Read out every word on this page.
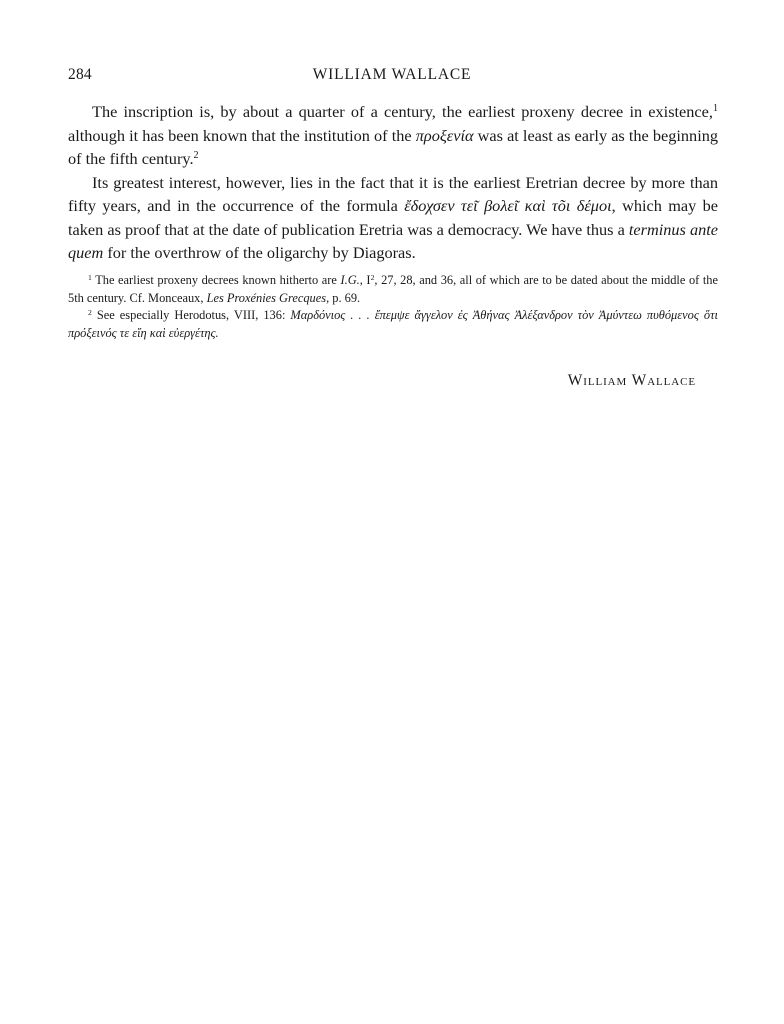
284	WILLIAM WALLACE

The inscription is, by about a quarter of a century, the earliest proxeny decree in existence,$^1$ although it has been known that the institution of the προξενία was at least as early as the beginning of the fifth century.$^2$

Its greatest interest, however, lies in the fact that it is the earliest Eretrian decree by more than fifty years, and in the occurrence of the formula ἔδοχσεν τε̃ι βολε̃ι καὶ τõι δέμοι, which may be taken as proof that at the date of publication Eretria was a democracy. We have thus a terminus ante quem for the overthrow of the oligarchy by Diagoras.

$^1$ The earliest proxeny decrees known hitherto are I.G., $I^2$, 27, 28, and 36, all of which are to be dated about the middle of the 5th century. Cf. Monceaux, Les Proxénies Grecques, p. 69.

$^2$ See especially Herodotus, VIII, 136: Μαρδόνιος . . . ἔπεμψε ἄγγελον ἐς Ἀθήνας Ἀλέξανδρον τὸν Ἀμύντεω πυθόμενος ὅτι πρόξεινός τε εἴη καὶ εὐεργέτης.

William Wallace
